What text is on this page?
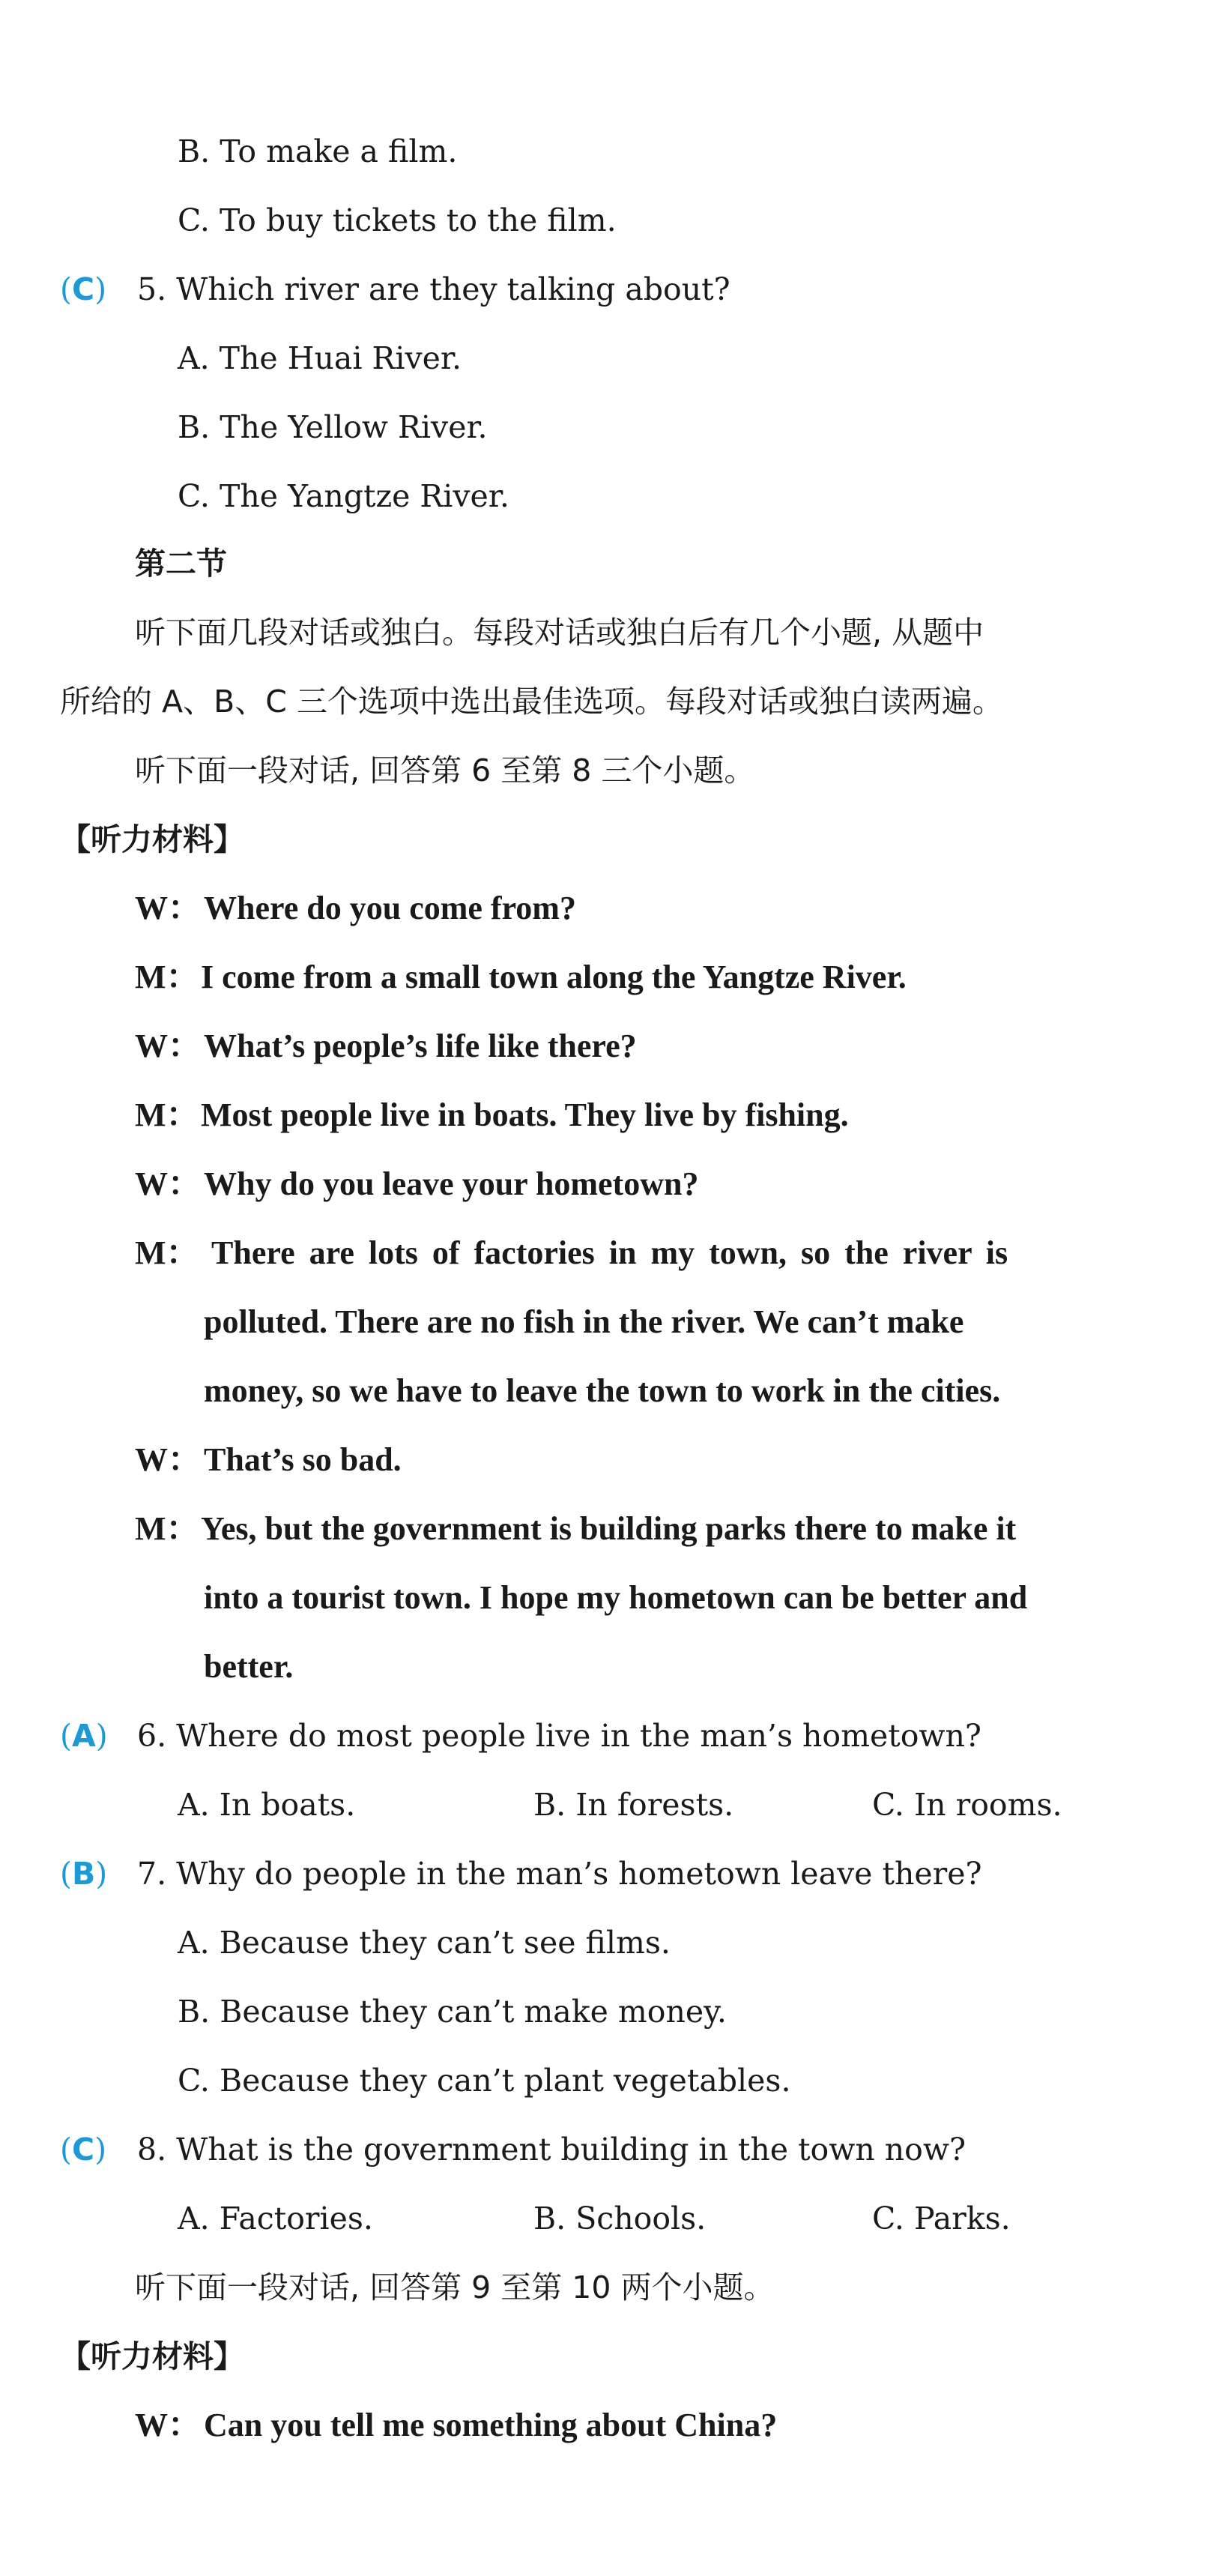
B. To make a film.
C. To buy tickets to the film.
(C) 5. Which river are they talking about?
A. The Huai River.
B. The Yellow River.
C. The Yangtze River.
第二节
听下面几段对话或独白。每段对话或独白后有几个小题, 从题中
所给的 A、B、C 三个选项中选出最佳选项。每段对话或独白读两遍。
听下面一段对话, 回答第 6 至第 8 三个小题。
【听力材料】
W： Where do you come from?
M： I come from a small town along the Yangtze River.
W： What’s people’s life like there?
M： Most people live in boats. They live by fishing.
W： Why do you leave your hometown?
M： There are lots of factories in my town, so the river is
polluted. There are no fish in the river. We can’t make
money, so we have to leave the town to work in the cities.
W： That’s so bad.
M： Yes, but the government is building parks there to make it
into a tourist town. I hope my hometown can be better and
better.
(A) 6. Where do most people live in the man’s hometown?
A. In boats.	B. In forests.	C. In rooms.
(B) 7. Why do people in the man’s hometown leave there?
A. Because they can’t see films.
B. Because they can’t make money.
C. Because they can’t plant vegetables.
(C) 8. What is the government building in the town now?
A. Factories.	B. Schools.	C. Parks.
听下面一段对话, 回答第 9 至第 10 两个小题。
【听力材料】
W： Can you tell me something about China?
